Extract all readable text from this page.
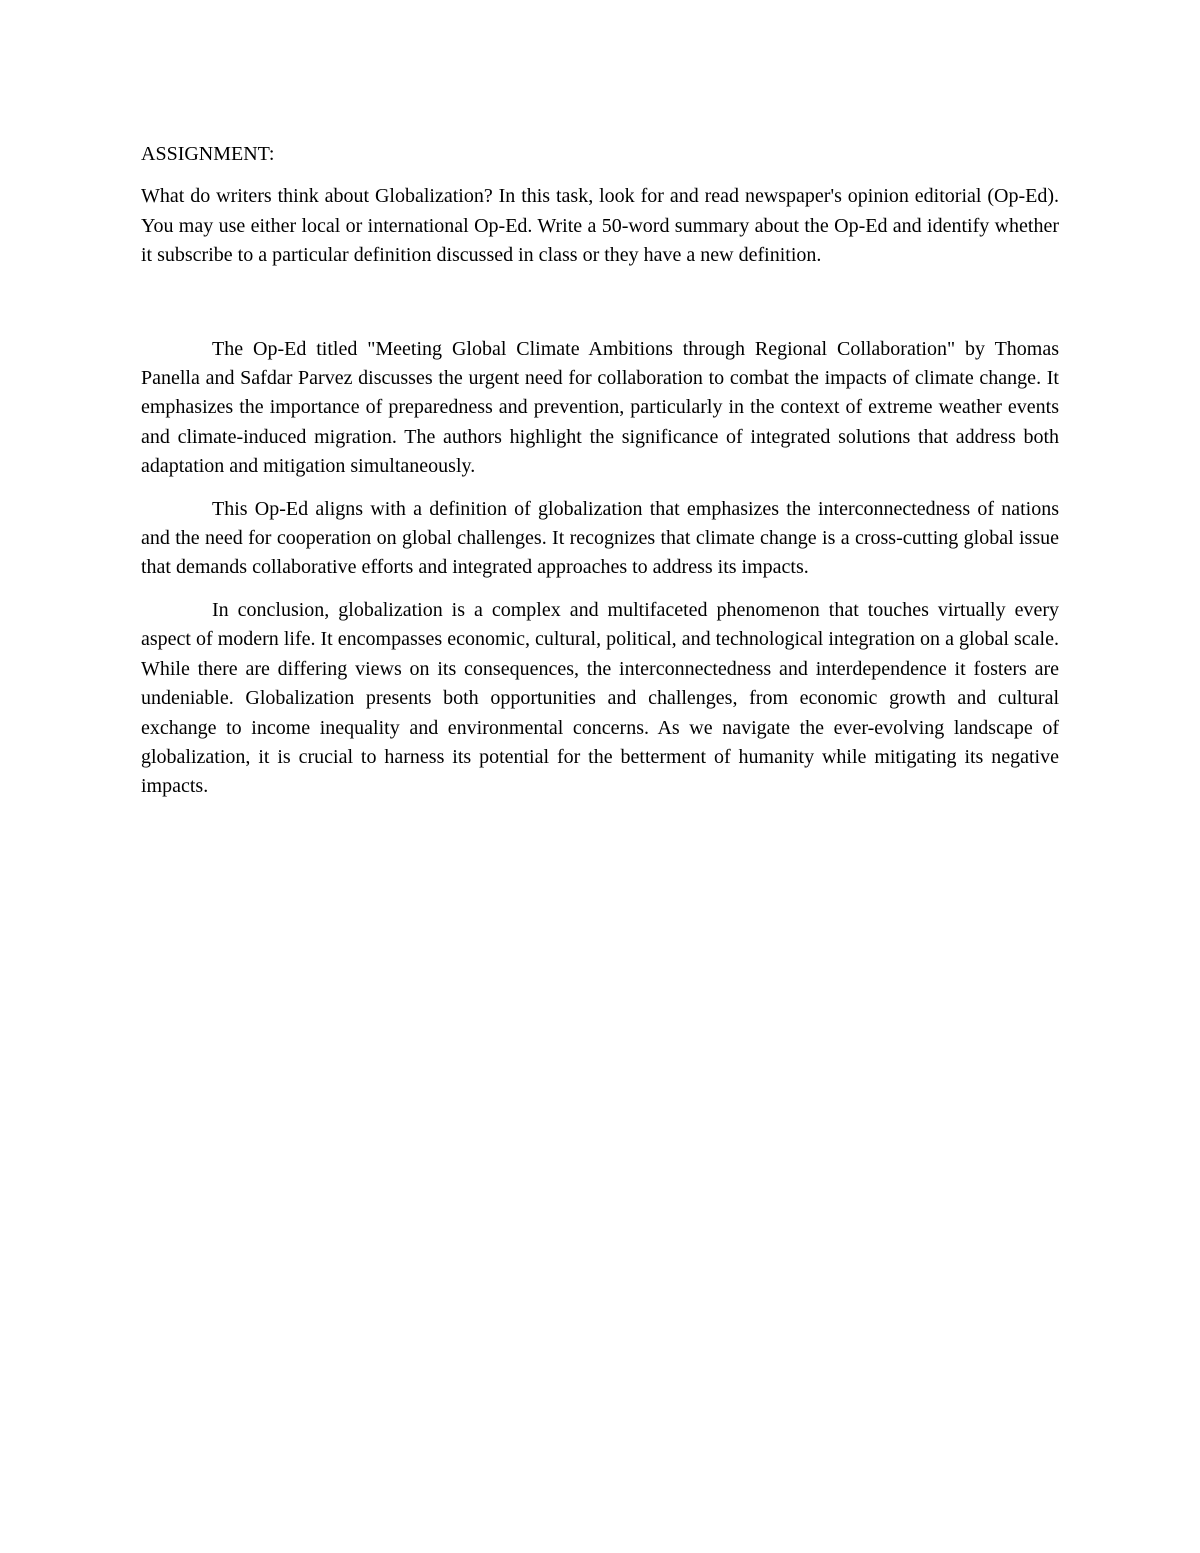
ASSIGNMENT:

What do writers think about Globalization? In this task, look for and read newspaper's opinion editorial (Op-Ed). You may use either local or international Op-Ed. Write a 50-word summary about the Op-Ed and identify whether it subscribe to a particular definition discussed in class or they have a new definition.

The Op-Ed titled "Meeting Global Climate Ambitions through Regional Collaboration" by Thomas Panella and Safdar Parvez discusses the urgent need for collaboration to combat the impacts of climate change. It emphasizes the importance of preparedness and prevention, particularly in the context of extreme weather events and climate-induced migration. The authors highlight the significance of integrated solutions that address both adaptation and mitigation simultaneously.

This Op-Ed aligns with a definition of globalization that emphasizes the interconnectedness of nations and the need for cooperation on global challenges. It recognizes that climate change is a cross-cutting global issue that demands collaborative efforts and integrated approaches to address its impacts.

In conclusion, globalization is a complex and multifaceted phenomenon that touches virtually every aspect of modern life. It encompasses economic, cultural, political, and technological integration on a global scale. While there are differing views on its consequences, the interconnectedness and interdependence it fosters are undeniable. Globalization presents both opportunities and challenges, from economic growth and cultural exchange to income inequality and environmental concerns. As we navigate the ever-evolving landscape of globalization, it is crucial to harness its potential for the betterment of humanity while mitigating its negative impacts.
